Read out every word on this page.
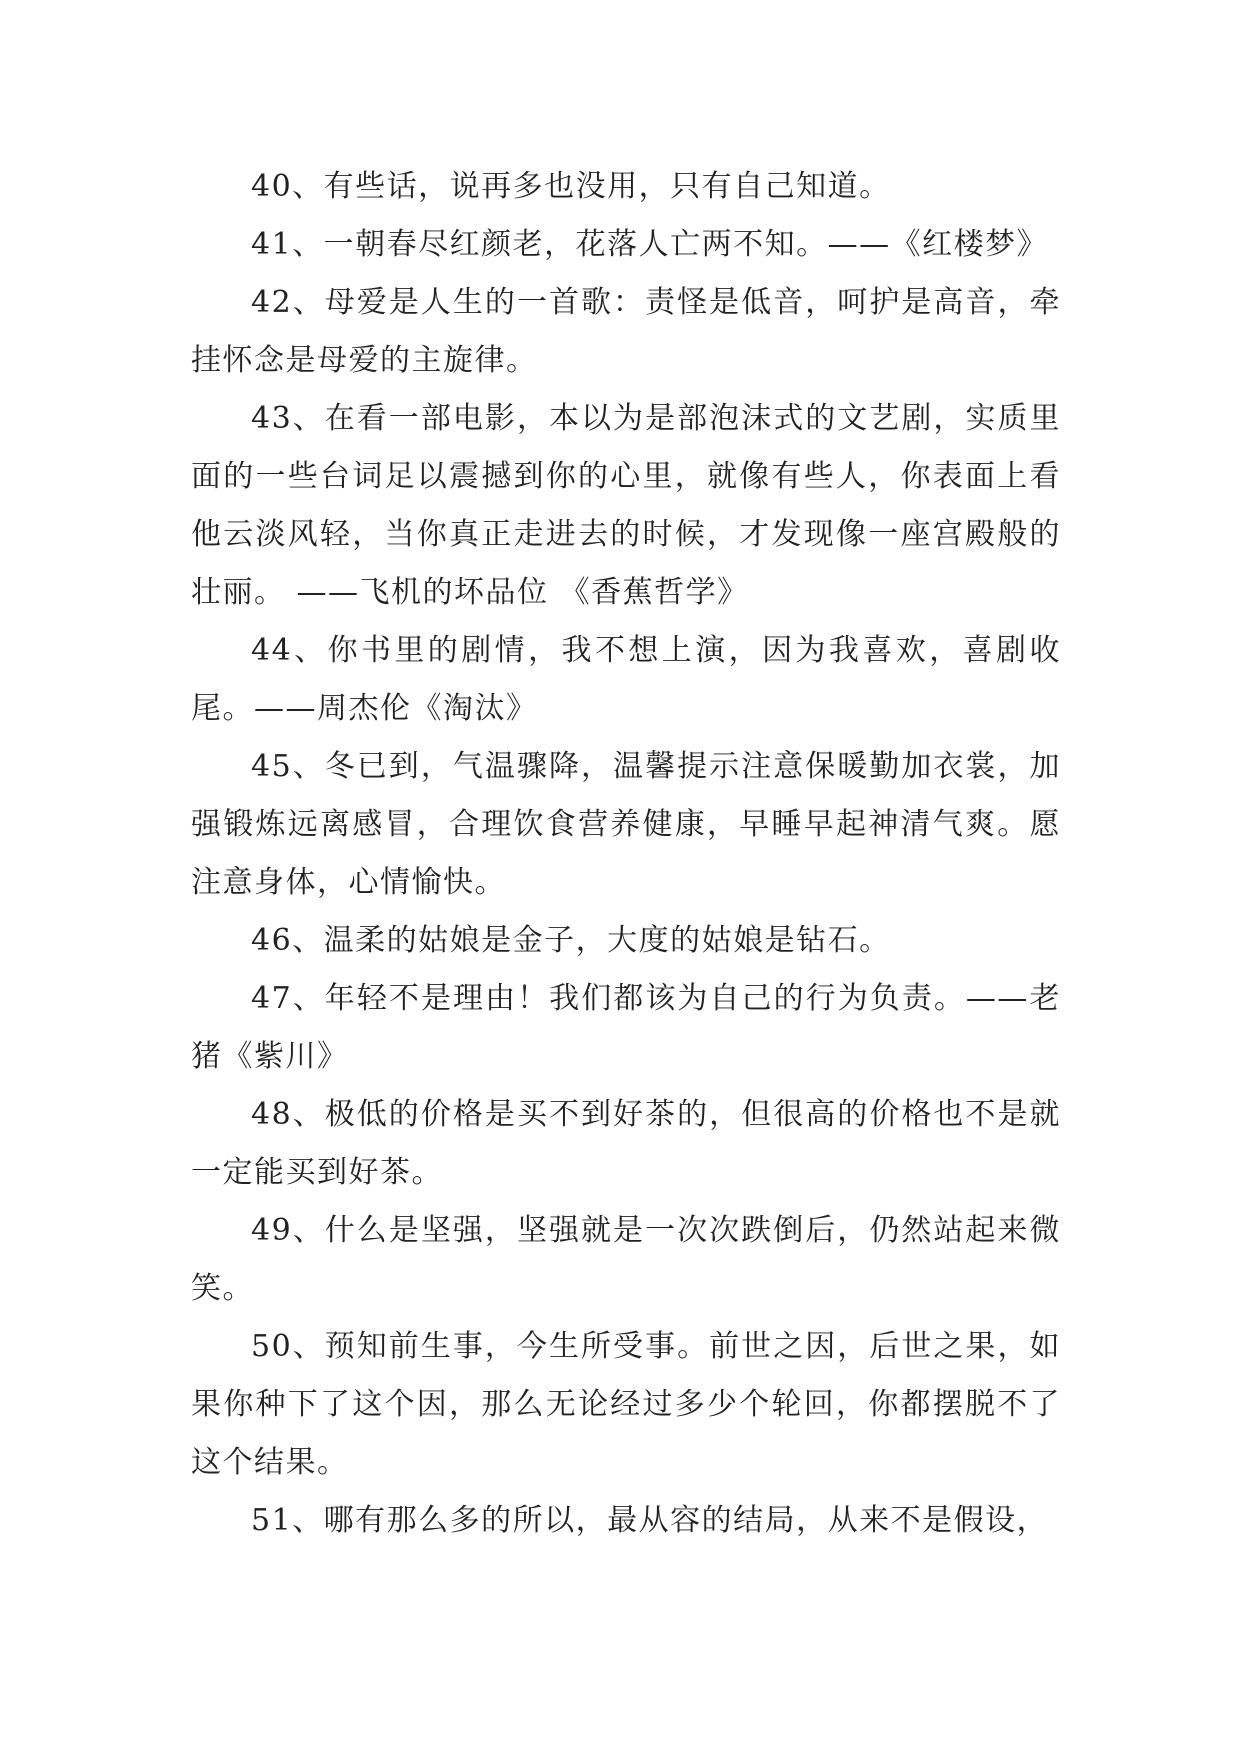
40、有些话，说再多也没用，只有自己知道。

41、一朝春尽红颜老，花落人亡两不知。——《红楼梦》

42、母爱是人生的一首歌：责怪是低音，呵护是高音，牵挂怀念是母爱的主旋律。

43、在看一部电影，本以为是部泡沫式的文艺剧，实质里面的一些台词足以震撼到你的心里，就像有些人，你表面上看他云淡风轻，当你真正走进去的时候，才发现像一座宫殿般的壮丽。 ——飞机的坏品位 《香蕉哲学》

44、你书里的剧情，我不想上演，因为我喜欢，喜剧收尾。——周杰伦《淘汰》

45、冬已到，气温骤降，温馨提示注意保暖勤加衣裳，加强锻炼远离感冒，合理饮食营养健康，早睡早起神清气爽。愿注意身体，心情愉快。

46、温柔的姑娘是金子，大度的姑娘是钻石。

47、年轻不是理由！我们都该为自己的行为负责。——老猪《紫川》

48、极低的价格是买不到好茶的，但很高的价格也不是就一定能买到好茶。

49、什么是坚强，坚强就是一次次跌倒后，仍然站起来微笑。

50、预知前生事，今生所受事。前世之因，后世之果，如果你种下了这个因，那么无论经过多少个轮回，你都摆脱不了这个结果。

51、哪有那么多的所以，最从容的结局，从来不是假设，
